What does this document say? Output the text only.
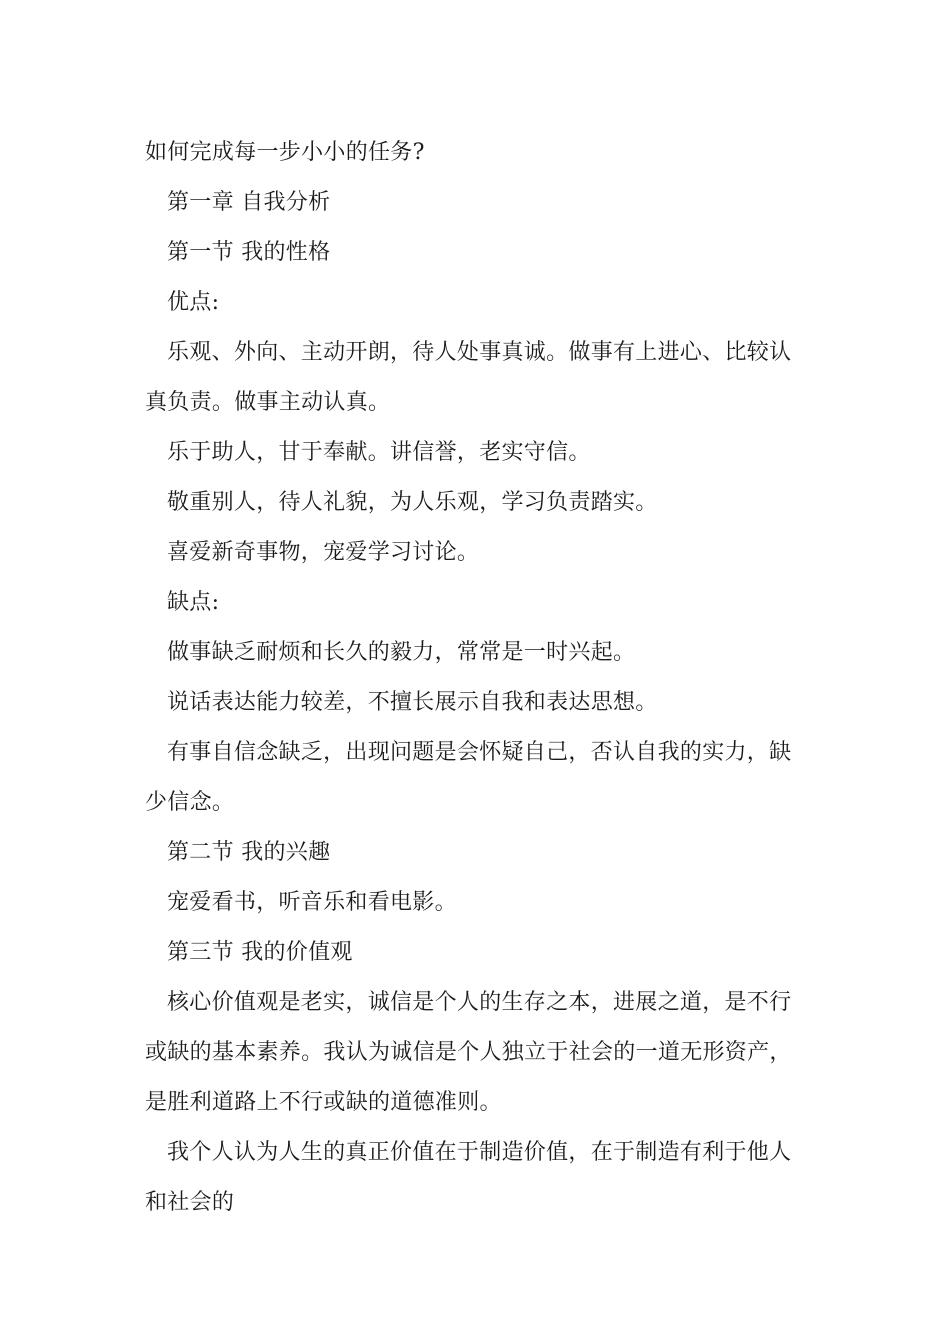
如何完成每一步小小的任务?

第一章 自我分析

第一节 我的性格

优点:

乐观、外向、主动开朗，待人处事真诚。做事有上进心、比较认真负责。做事主动认真。

乐于助人，甘于奉献。讲信誉，老实守信。

敬重别人，待人礼貌，为人乐观，学习负责踏实。

喜爱新奇事物，宠爱学习讨论。

缺点:

做事缺乏耐烦和长久的毅力，常常是一时兴起。

说话表达能力较差，不擅长展示自我和表达思想。

有事自信念缺乏，出现问题是会怀疑自己，否认自我的实力，缺少信念。

第二节 我的兴趣

宠爱看书，听音乐和看电影。

第三节 我的价值观

核心价值观是老实，诚信是个人的生存之本，进展之道，是不行或缺的基本素养。我认为诚信是个人独立于社会的一道无形资产，是胜利道路上不行或缺的道德准则。

我个人认为人生的真正价值在于制造价值，在于制造有利于他人和社会的
